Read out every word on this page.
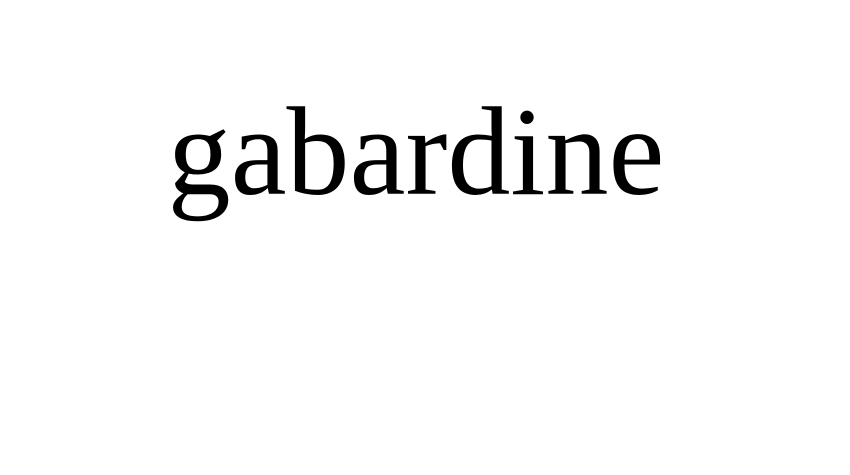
gabardine
